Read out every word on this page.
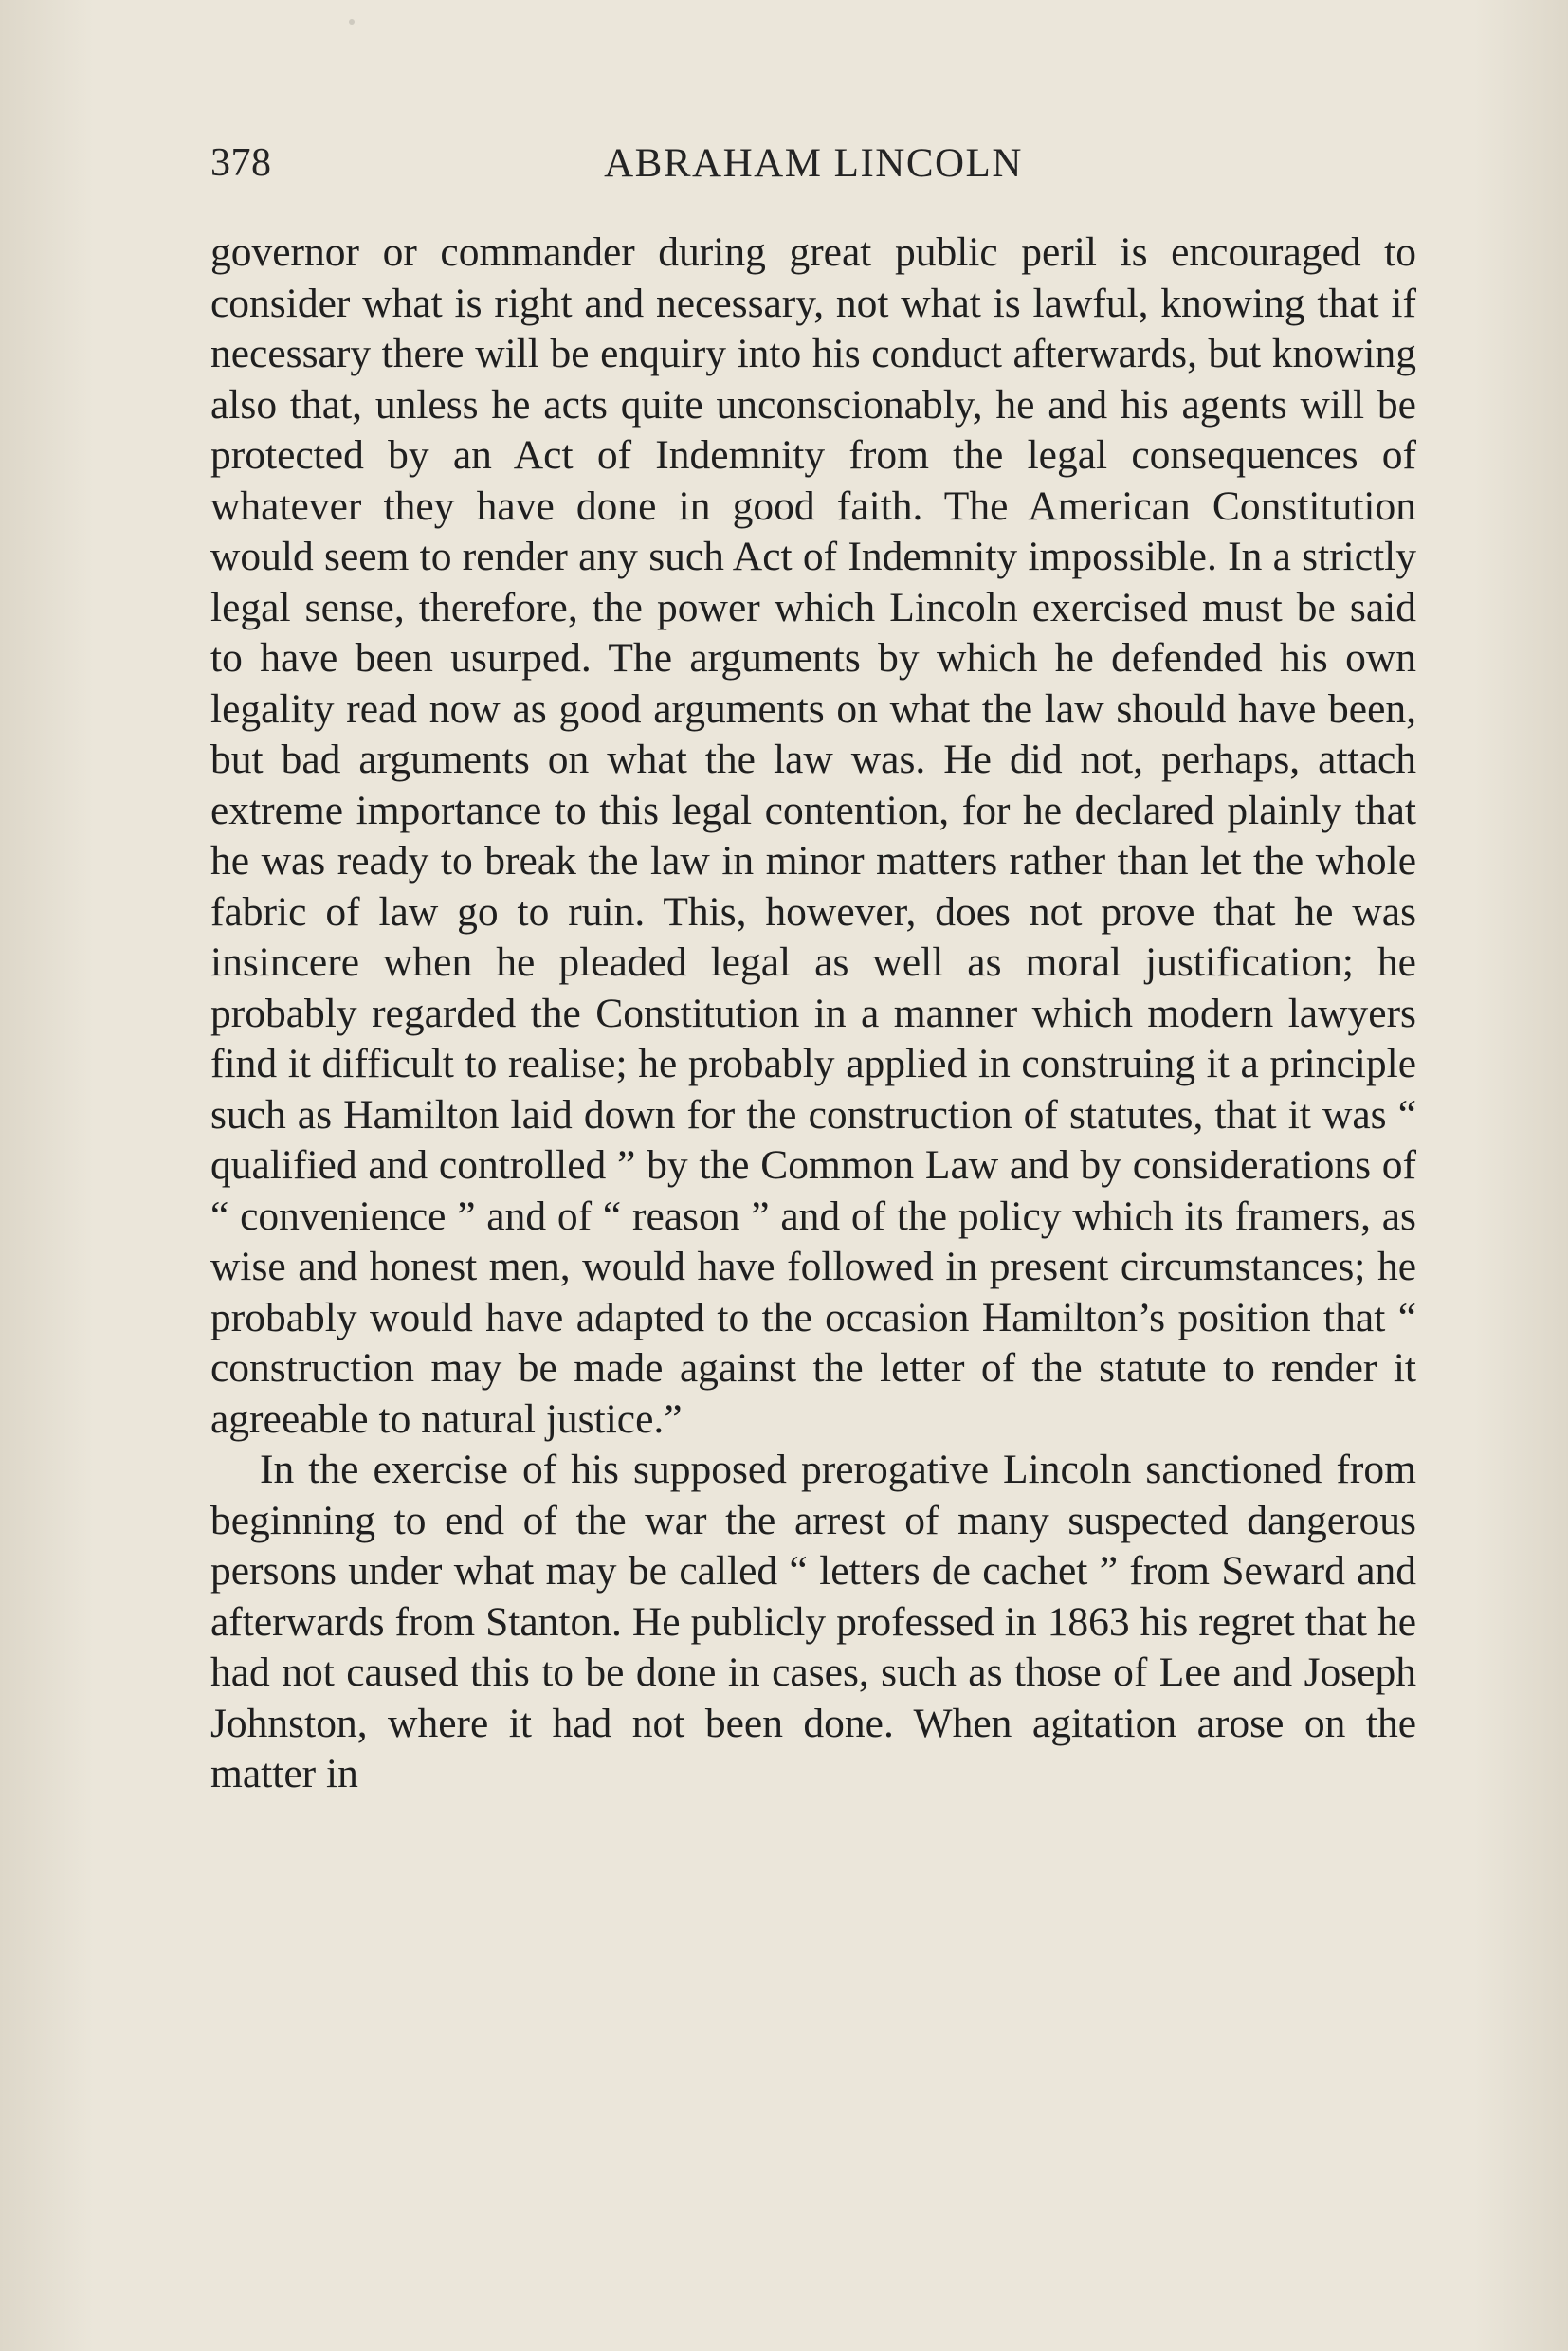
378	ABRAHAM LINCOLN

governor or commander during great public peril is encouraged to consider what is right and necessary, not what is lawful, knowing that if necessary there will be enquiry into his conduct afterwards, but knowing also that, unless he acts quite unconscionably, he and his agents will be protected by an Act of Indemnity from the legal consequences of whatever they have done in good faith. The American Constitution would seem to render any such Act of Indemnity impossible. In a strictly legal sense, therefore, the power which Lincoln exercised must be said to have been usurped. The arguments by which he defended his own legality read now as good arguments on what the law should have been, but bad arguments on what the law was. He did not, perhaps, attach extreme importance to this legal contention, for he declared plainly that he was ready to break the law in minor matters rather than let the whole fabric of law go to ruin. This, however, does not prove that he was insincere when he pleaded legal as well as moral justification; he probably regarded the Constitution in a manner which modern lawyers find it difficult to realise; he probably applied in construing it a principle such as Hamilton laid down for the construction of statutes, that it was “ qualified and controlled ” by the Common Law and by considerations of “ convenience ” and of “ reason ” and of the policy which its framers, as wise and honest men, would have followed in present circumstances; he probably would have adapted to the occasion Hamilton’s position that “ construction may be made against the letter of the statute to render it agreeable to natural justice.”

In the exercise of his supposed prerogative Lincoln sanctioned from beginning to end of the war the arrest of many suspected dangerous persons under what may be called “ letters de cachet ” from Seward and afterwards from Stanton. He publicly professed in 1863 his regret that he had not caused this to be done in cases, such as those of Lee and Joseph Johnston, where it had not been done. When agitation arose on the matter in
